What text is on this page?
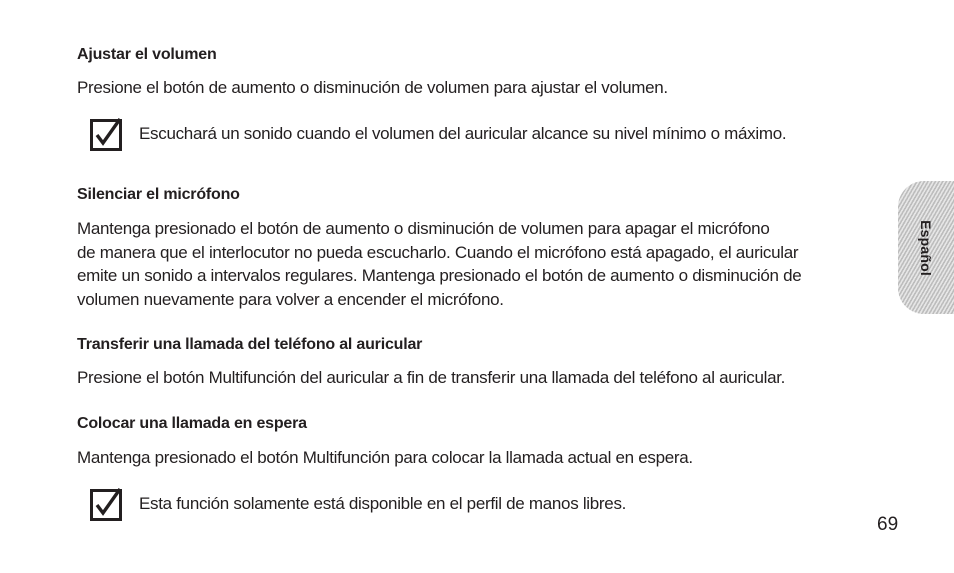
Ajustar el volumen
Presione el botón de aumento o disminución de volumen para ajustar el volumen.
Escuchará un sonido cuando el volumen del auricular alcance su nivel mínimo o máximo.
Silenciar el micrófono
Mantenga presionado el botón de aumento o disminución de volumen para apagar el micrófono
de manera que el interlocutor no pueda escucharlo. Cuando el micrófono está apagado, el auricular
emite un sonido a intervalos regulares. Mantenga presionado el botón de aumento o disminución de
volumen nuevamente para volver a encender el micrófono.
Transferir una llamada del teléfono al auricular
Presione el botón Multifunción del auricular a fin de transferir una llamada del teléfono al auricular.
Colocar una llamada en espera
Mantenga presionado el botón Multifunción para colocar la llamada actual en espera.
Esta función solamente está disponible en el perfil de manos libres.
Español
69
